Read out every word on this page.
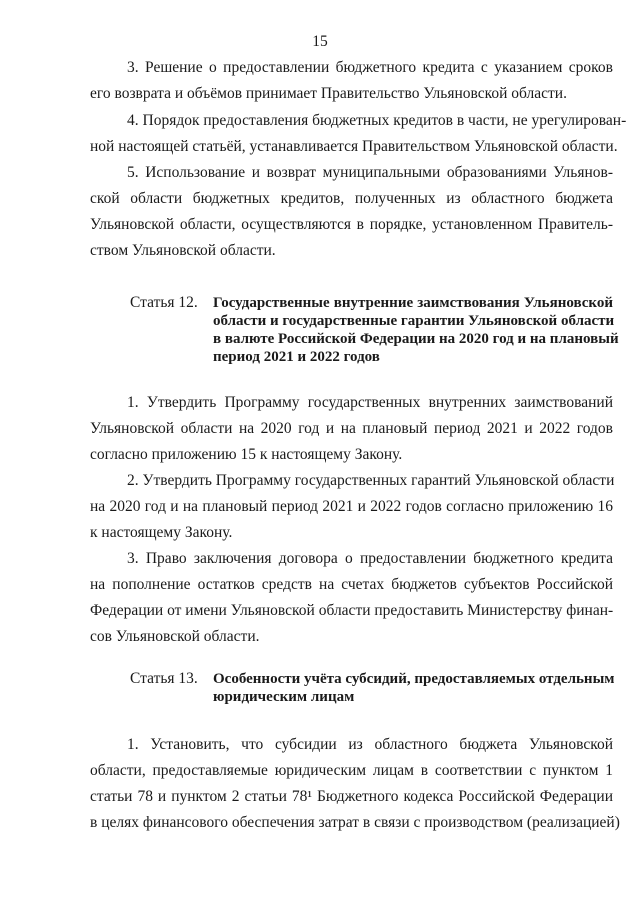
15
3. Решение о предоставлении бюджетного кредита с указанием сроков
его возврата и объёмов принимает Правительство Ульяновской области.
4. Порядок предоставления бюджетных кредитов в части, не урегулирован-
ной настоящей статьёй, устанавливается Правительством Ульяновской области.
5. Использование и возврат муниципальными образованиями Ульянов-
ской области бюджетных кредитов, полученных из областного бюджета
Ульяновской области, осуществляются в порядке, установленном Правитель-
ством Ульяновской области.
Статья 12. Государственные внутренние заимствования Ульяновской
области и государственные гарантии Ульяновской области
в валюте Российской Федерации на 2020 год и на плановый
период 2021 и 2022 годов
1. Утвердить Программу государственных внутренних заимствований
Ульяновской области на 2020 год и на плановый период 2021 и 2022 годов
согласно приложению 15 к настоящему Закону.
2. Утвердить Программу государственных гарантий Ульяновской области
на 2020 год и на плановый период 2021 и 2022 годов согласно приложению 16
к настоящему Закону.
3. Право заключения договора о предоставлении бюджетного кредита
на пополнение остатков средств на счетах бюджетов субъектов Российской
Федерации от имени Ульяновской области предоставить Министерству финан-
сов Ульяновской области.
Статья 13. Особенности учёта субсидий, предоставляемых отдельным
юридическим лицам
1. Установить, что субсидии из областного бюджета Ульяновской
области, предоставляемые юридическим лицам в соответствии с пунктом 1
статьи 78 и пунктом 2 статьи 78¹ Бюджетного кодекса Российской Федерации
в целях финансового обеспечения затрат в связи с производством (реализацией)
